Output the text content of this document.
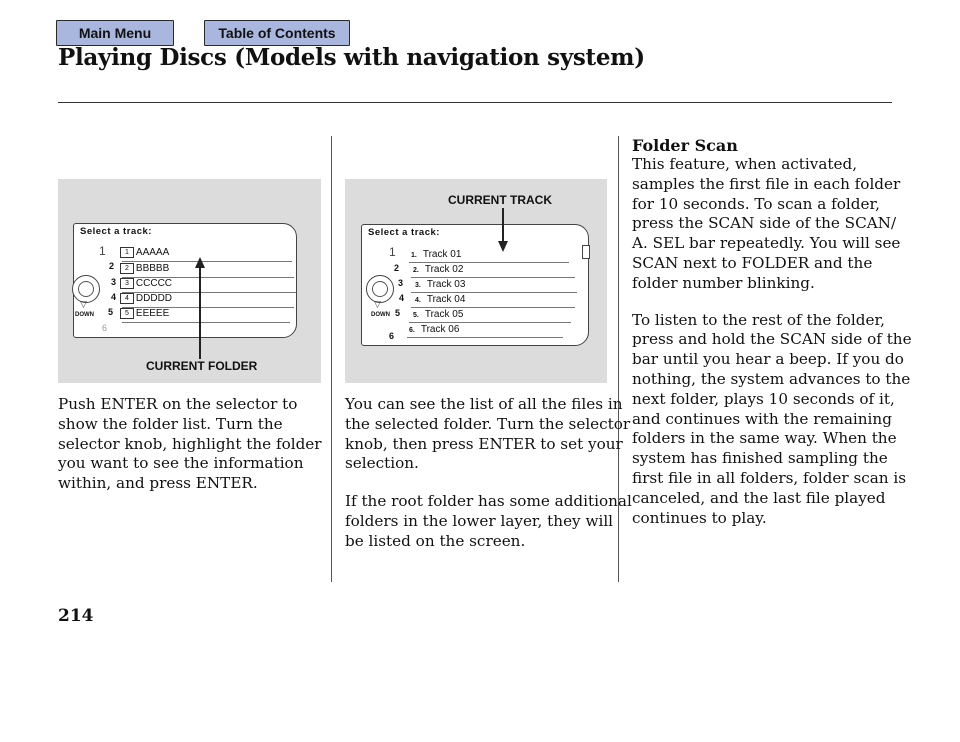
Main Menu	Table of Contents
Playing Discs (Models with navigation system)
Select a track:
1
2
3
4
5
6
▽
DOWN
1 AAAAA
2 BBBBB
3 CCCCC
4 DDDDD
5 EEEEE
CURRENT FOLDER
Select a track:
1
2
3
4
5
6
▽
DOWN
1. Track 01
2. Track 02
3. Track 03
4. Track 04
5. Track 05
6. Track 06
CURRENT TRACK
Push ENTER on the selector to
show the folder list. Turn the
selector knob, highlight the folder
you want to see the information
within, and press ENTER.
You can see the list of all the files in
the selected folder. Turn the selector
knob, then press ENTER to set your
selection.
If the root folder has some additional
folders in the lower layer, they will
be listed on the screen.
Folder Scan
This feature, when activated,
samples the first file in each folder
for 10 seconds. To scan a folder,
press the SCAN side of the SCAN/
A. SEL bar repeatedly. You will see
SCAN next to FOLDER and the
folder number blinking.
To listen to the rest of the folder,
press and hold the SCAN side of the
bar until you hear a beep. If you do
nothing, the system advances to the
next folder, plays 10 seconds of it,
and continues with the remaining
folders in the same way. When the
system has finished sampling the
first file in all folders, folder scan is
canceled, and the last file played
continues to play.
214
